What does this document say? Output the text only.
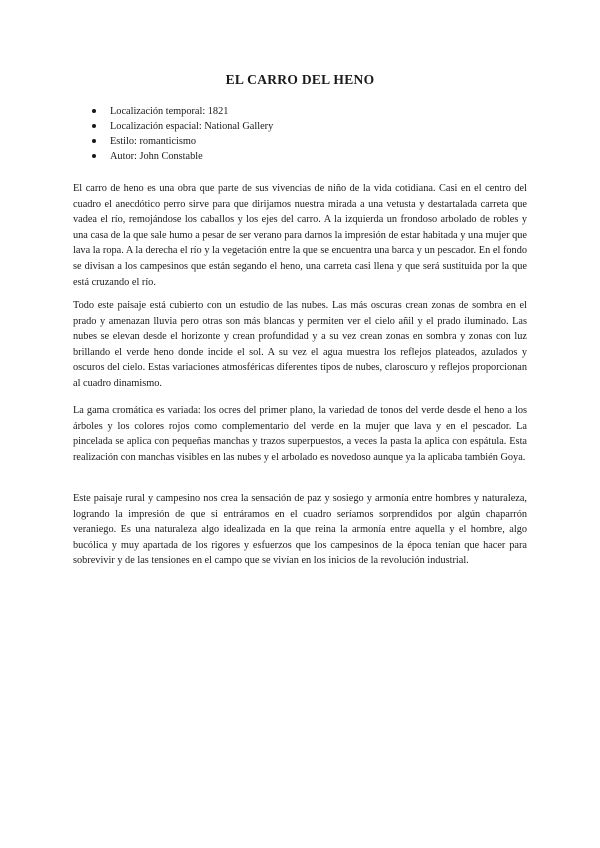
EL CARRO DEL HENO
Localización temporal: 1821
Localización espacial: National Gallery
Estilo: romanticismo
Autor: John Constable

El carro de heno es una obra que parte de sus vivencias de niño de la vida cotidiana. Casi en el centro del cuadro el anecdótico perro sirve para que dirijamos nuestra mirada a una vetusta y destartalada carreta que vadea el río, remojándose los caballos y los ejes del carro. A la izquierda un frondoso arbolado de robles y una casa de la que sale humo a pesar de ser verano para darnos la impresión de estar habitada y una mujer que lava la ropa. A la derecha el río y la vegetación entre la que se encuentra una barca y un pescador. En el fondo se divisan a los campesinos que están segando el heno, una carreta casi llena y que será sustituida por la que está cruzando el río.

Todo este paisaje está cubierto con un estudio de las nubes. Las más oscuras crean zonas de sombra en el prado y amenazan lluvia pero otras son más blancas y permiten ver el cielo añil y el prado iluminado. Las nubes se elevan desde el horizonte y crean profundidad y a su vez crean zonas en sombra y zonas con luz brillando el verde heno donde incide el sol. A su vez el agua muestra los reflejos plateados, azulados y oscuros del cielo. Estas variaciones atmosféricas diferentes tipos de nubes, claroscuro y reflejos proporcionan al cuadro dinamismo.

La gama cromática es variada: los ocres del primer plano, la variedad de tonos del verde desde el heno a los árboles y los colores rojos como complementario del verde en la mujer que lava y en el pescador. La pincelada se aplica con pequeñas manchas y trazos superpuestos, a veces la pasta la aplica con espátula. Esta realización con manchas visibles en las nubes y el arbolado es novedoso aunque ya la aplicaba también Goya.

Este paisaje rural y campesino nos crea la sensación de paz y sosiego y armonía entre hombres y naturaleza, logrando la impresión de que si entráramos en el cuadro seríamos sorprendidos por algún chaparrón veraniego. Es una naturaleza algo idealizada en la que reina la armonía entre aquella y el hombre, algo bucólica y muy apartada de los rigores y esfuerzos que los campesinos de la época tenían que hacer para sobrevivir y de las tensiones en el campo que se vivían en los inicios de la revolución industrial.
